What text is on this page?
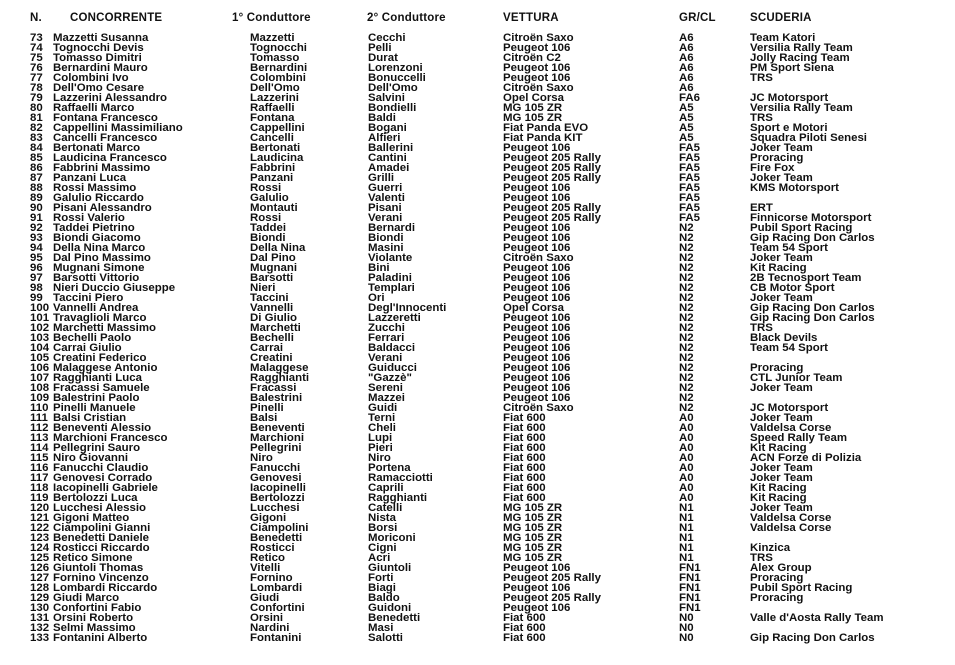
N. CONCORRENTE	1° Conduttore	2° Conduttore	VETTURA	GR/CL	SCUDERIA
73 Mazzetti Susanna	Mazzetti	Cecchi	Citroën Saxo	A6	Team Katori
74 Tognocchi Devis	Tognocchi	Pelli	Peugeot 106	A6	Versilia Rally Team
75 Tomasso Dimitri	Tomasso	Durat	Citroën C2	A6	Jolly Racing Team
76 Bernardini Mauro	Bernardini	Lorenzoni	Peugeot 106	A6	PM Sport Siena
77 Colombini Ivo	Colombini	Bonuccelli	Peugeot 106	A6	TRS
78 Dell'Omo Cesare	Dell'Omo	Dell'Omo	Citroën Saxo	A6
79 Lazzerini Alessandro	Lazzerini	Salvini	Opel Corsa	FA6	JC Motorsport
80 Raffaelli Marco	Raffaelli	Bondielli	MG 105 ZR	A5	Versilia Rally Team
81 Fontana Francesco	Fontana	Baldi	MG 105 ZR	A5	TRS
82 Cappellini Massimiliano	Cappellini	Bogani	Fiat Panda EVO	A5	Sport e Motori
83 Cancelli Francesco	Cancelli	Alfieri	Fiat Panda KIT	A5	Squadra Piloti Senesi
84 Bertonati Marco	Bertonati	Ballerini	Peugeot 106	FA5	Joker Team
85 Laudicina Francesco	Laudicina	Cantini	Peugeot 205 Rally	FA5	Proracing
86 Fabbrini Massimo	Fabbrini	Amadei	Peugeot 205 Rally	FA5	Fire Fox
87 Panzani Luca	Panzani	Grilli	Peugeot 205 Rally	FA5	Joker Team
88 Rossi Massimo	Rossi	Guerri	Peugeot 106	FA5	KMS Motorsport
89 Galulio Riccardo	Galulio	Valenti	Peugeot 106	FA5
90 Pisani Alessandro	Montauti	Pisani	Peugeot 205 Rally	FA5	ERT
91 Rossi Valerio	Rossi	Verani	Peugeot 205 Rally	FA5	Finnicorse Motorsport
92 Taddei Pietrino	Taddei	Bernardi	Peugeot 106	N2	Pubil Sport Racing
93 Biondi Giacomo	Biondi	Biondi	Peugeot 106	N2	Gip Racing Don Carlos
94 Della Nina Marco	Della Nina	Masini	Peugeot 106	N2	Team 54 Sport
95 Dal Pino Massimo	Dal Pino	Violante	Citroën Saxo	N2	Joker Team
96 Mugnani Simone	Mugnani	Bini	Peugeot 106	N2	Kit Racing
97 Barsotti Vittorio	Barsotti	Paladini	Peugeot 106	N2	2B Tecnosport Team
98 Nieri Duccio Giuseppe	Nieri	Templari	Peugeot 106	N2	CB Motor Sport
99 Taccini Piero	Taccini	Ori	Peugeot 106	N2	Joker Team
100 Vannelli Andrea	Vannelli	Degl'Innocenti	Opel Corsa	N2	Gip Racing Don Carlos
101 Travaglioli Marco	Di Giulio	Lazzeretti	Peugeot 106	N2	Gip Racing Don Carlos
102 Marchetti Massimo	Marchetti	Zucchi	Peugeot 106	N2	TRS
103 Bechelli Paolo	Bechelli	Ferrari	Peugeot 106	N2	Black Devils
104 Carrai Giulio	Carrai	Baldacci	Peugeot 106	N2	Team 54 Sport
105 Creatini Federico	Creatini	Verani	Peugeot 106	N2
106 Malaggese Antonio	Malaggese	Guiducci	Peugeot 106	N2	Proracing
107 Ragghianti Luca	Ragghianti	"Gazzè"	Peugeot 106	N2	CTL Junior Team
108 Fracassi Samuele	Fracassi	Sereni	Peugeot 106	N2	Joker Team
109 Balestrini Paolo	Balestrini	Mazzei	Peugeot 106	N2
110 Pinelli Manuele	Pinelli	Guidi	Citroën Saxo	N2	JC Motorsport
111 Balsi Cristian	Balsi	Terni	Fiat 600	A0	Joker Team
112 Beneventi Alessio	Beneventi	Cheli	Fiat 600	A0	Valdelsa Corse
113 Marchioni Francesco	Marchioni	Lupi	Fiat 600	A0	Speed Rally Team
114 Pellegrini Sauro	Pellegrini	Pieri	Fiat 600	A0	Kit Racing
115 Niro Giovanni	Niro	Niro	Fiat 600	A0	ACN Forze di Polizia
116 Fanucchi Claudio	Fanucchi	Portena	Fiat 600	A0	Joker Team
117 Genovesi Corrado	Genovesi	Ramacciotti	Fiat 600	A0	Joker Team
118 Iacopinelli Gabriele	Iacopinelli	Caprili	Fiat 600	A0	Kit Racing
119 Bertolozzi Luca	Bertolozzi	Ragghianti	Fiat 600	A0	Kit Racing
120 Lucchesi Alessio	Lucchesi	Catelli	MG 105 ZR	N1	Joker Team
121 Gigoni Matteo	Gigoni	Nista	MG 105 ZR	N1	Valdelsa Corse
122 Ciampolini Gianni	Ciampolini	Borsi	MG 105 ZR	N1	Valdelsa Corse
123 Benedetti Daniele	Benedetti	Moriconi	MG 105 ZR	N1
124 Rosticci Riccardo	Rosticci	Cigni	MG 105 ZR	N1	Kinzica
125 Retico Simone	Retico	Acri	MG 105 ZR	N1	TRS
126 Giuntoli Thomas	Vitelli	Giuntoli	Peugeot 106	FN1	Alex Group
127 Fornino Vincenzo	Fornino	Forti	Peugeot 205 Rally	FN1	Proracing
128 Lombardi Riccardo	Lombardi	Biagi	Peugeot 106	FN1	Pubil Sport Racing
129 Giudi Marco	Giudi	Baldo	Peugeot 205 Rally	FN1	Proracing
130 Confortini Fabio	Confortini	Guidoni	Peugeot 106	FN1
131 Orsini Roberto	Orsini	Benedetti	Fiat 600	N0	Valle d'Aosta Rally Team
132 Selmi Massimo	Nardini	Masi	Fiat 600	N0
133 Fontanini Alberto	Fontanini	Salotti	Fiat 600	N0	Gip Racing Don Carlos
